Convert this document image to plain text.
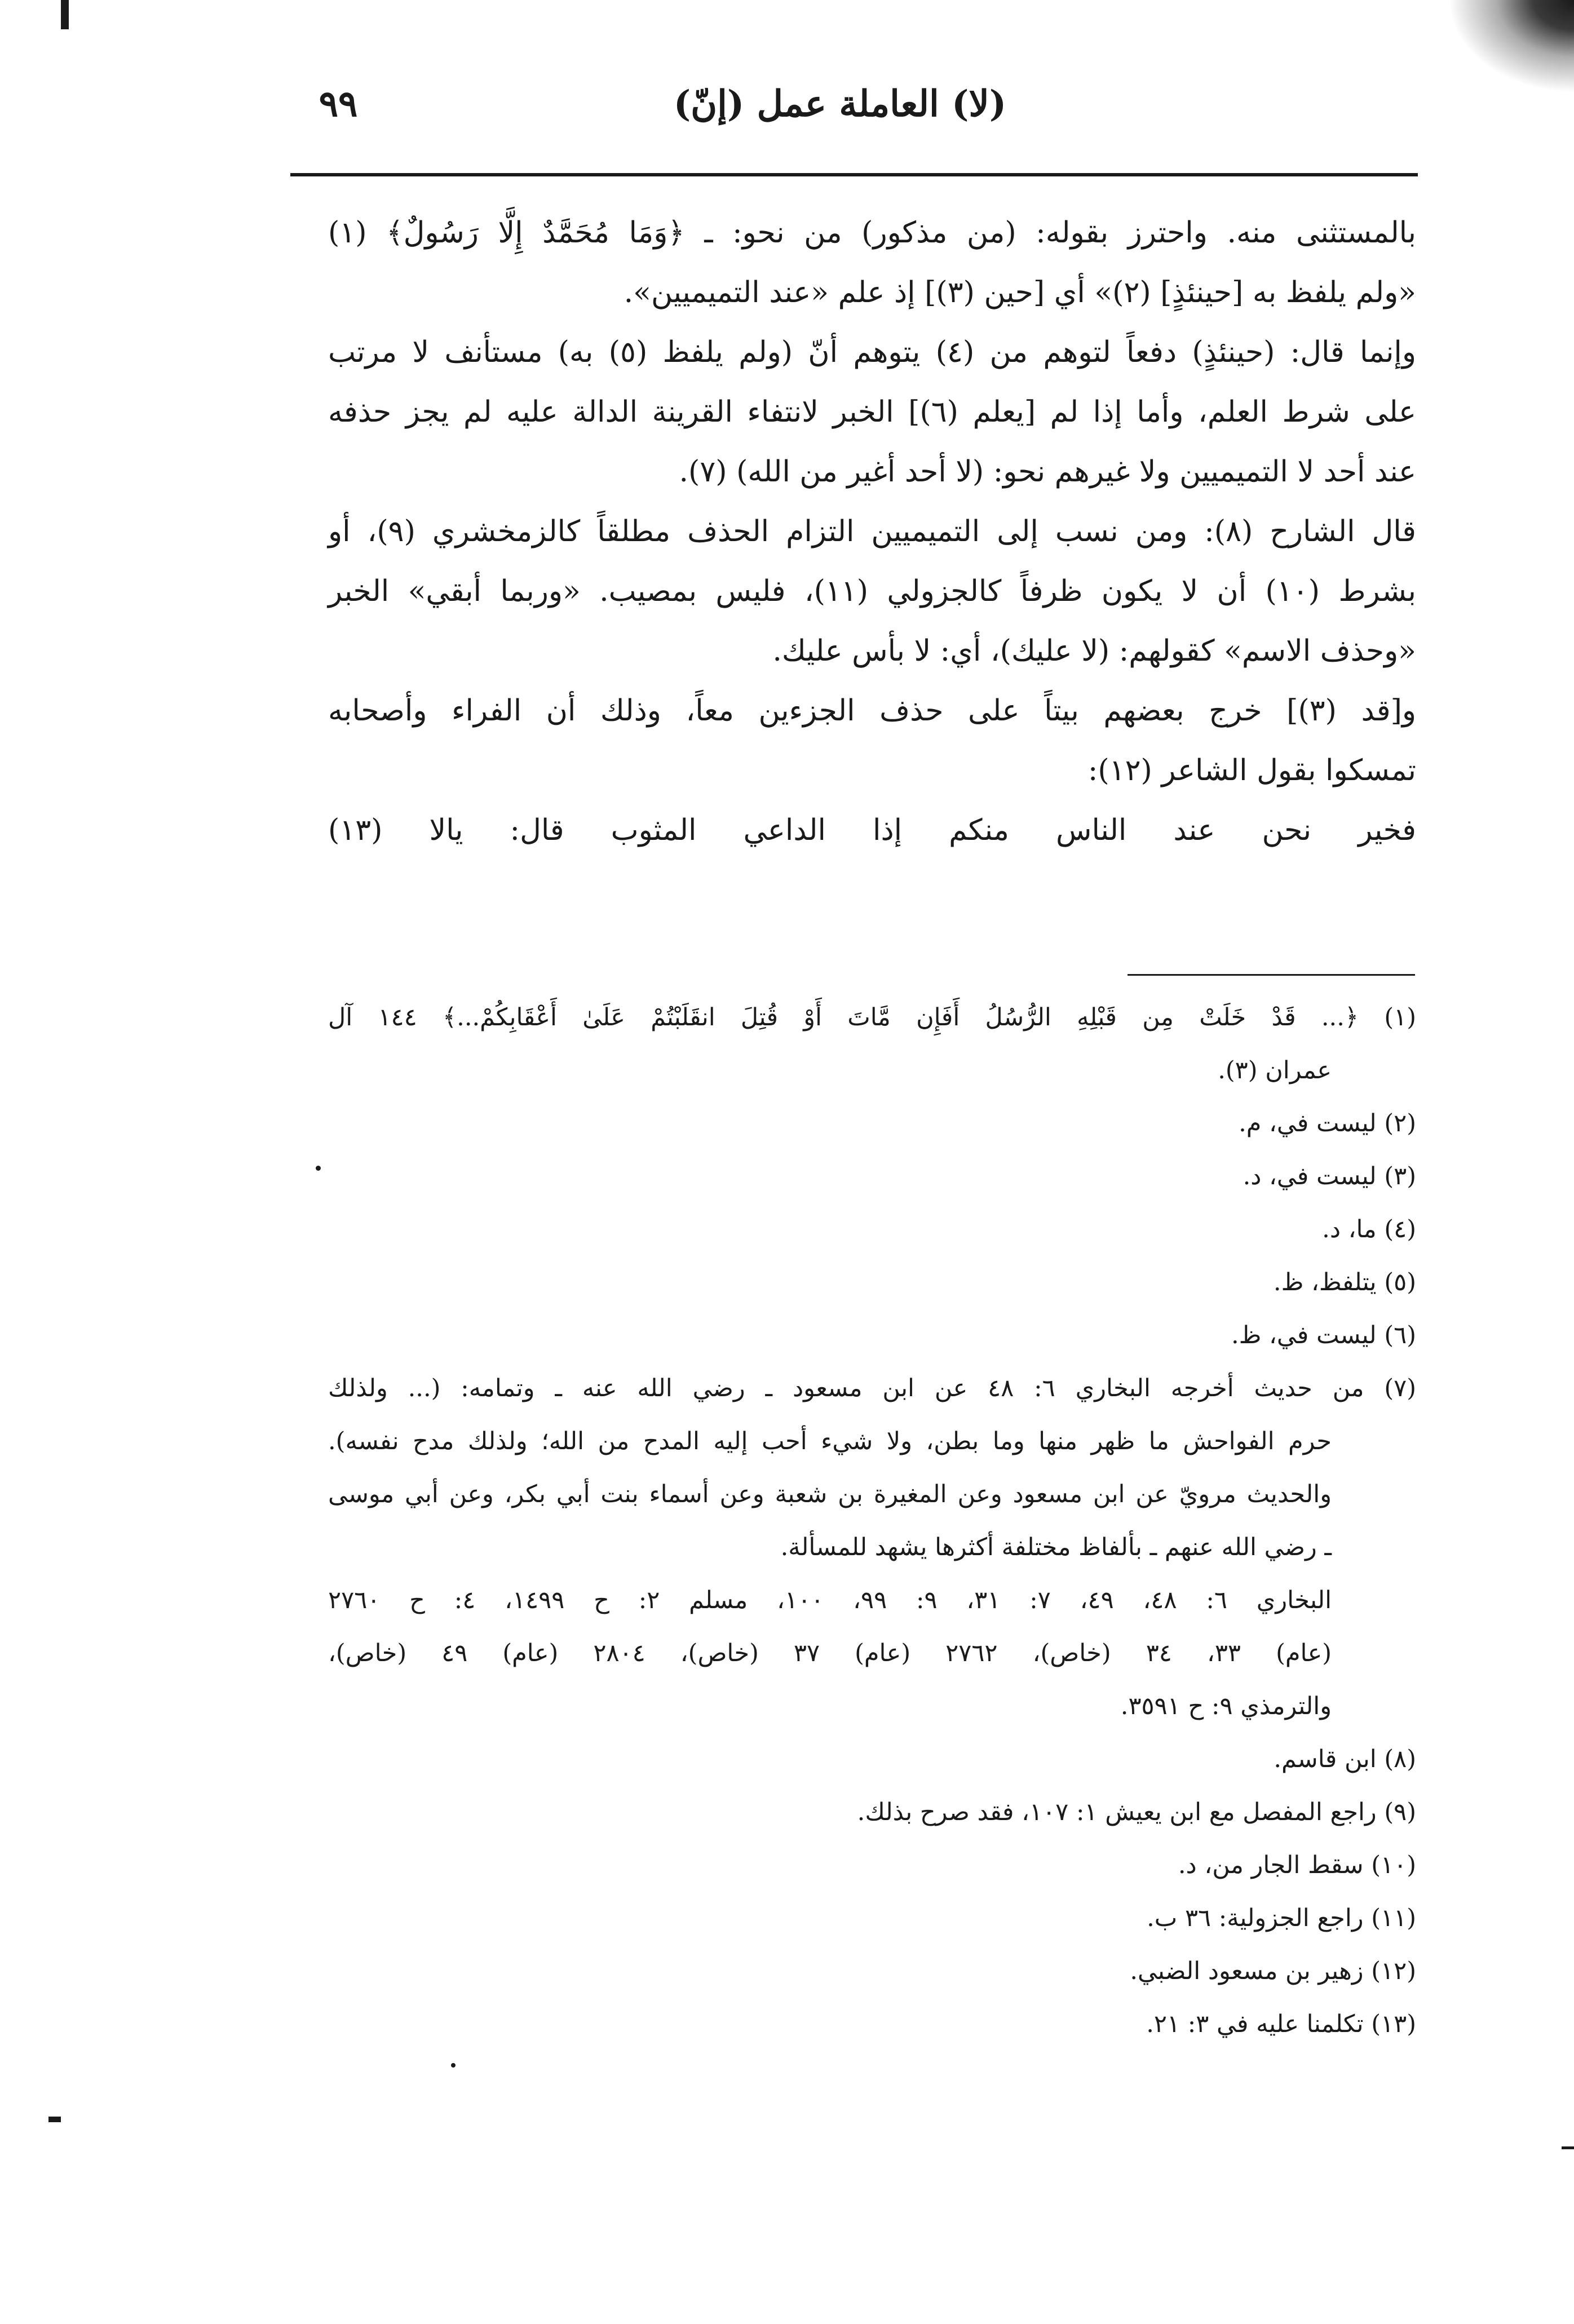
٩٩	(لا) العاملة عمل (إنّ)
بالمستثنى منه. واحترز بقوله: (من مذكور) من نحو: ـ ﴿وَمَا مُحَمَّدٌ إِلَّا رَسُولٌ﴾ (١)
«ولم يلفظ به [حينئذٍ] (٢)» أي [حين (٣)] إذ علم «عند التميميين».
وإنما قال: (حينئذٍ) دفعاً لتوهم من (٤) يتوهم أنّ (ولم يلفظ (٥) به) مستأنف لا مرتب
على شرط العلم، وأما إذا لم [يعلم (٦)] الخبر لانتفاء القرينة الدالة عليه لم يجز حذفه
عند أحد لا التميميين ولا غيرهم نحو: (لا أحد أغير من الله) (٧).
قال الشارح (٨): ومن نسب إلى التميميين التزام الحذف مطلقاً كالزمخشري (٩)، أو
بشرط (١٠) أن لا يكون ظرفاً كالجزولي (١١)، فليس بمصيب. «وربما أبقي» الخبر
«وحذف الاسم» كقولهم: (لا عليك)، أي: لا بأس عليك.
و[قد (٣)] خرج بعضهم بيتاً على حذف الجزءين معاً، وذلك أن الفراء وأصحابه
تمسكوا بقول الشاعر (١٢):
فخير نحن عند الناس منكم إذا الداعي المثوب قال: يالا (١٣)
(١) ﴿... قَدْ خَلَتْ مِن قَبْلِهِ الرُّسُلُ أَفَإِن مَّاتَ أَوْ قُتِلَ انقَلَبْتُمْ عَلَىٰ أَعْقَابِكُمْ...﴾ ١٤٤ آل
عمران (٣).
(٢) ليست في، م.
(٣) ليست في، د.
(٤) ما، د.
(٥) يتلفظ، ظ.
(٦) ليست في، ظ.
(٧) من حديث أخرجه البخاري ٦: ٤٨ عن ابن مسعود ـ رضي الله عنه ـ وتمامه: (... ولذلك
حرم الفواحش ما ظهر منها وما بطن، ولا شيء أحب إليه المدح من الله؛ ولذلك مدح نفسه).
والحديث مرويّ عن ابن مسعود وعن المغيرة بن شعبة وعن أسماء بنت أبي بكر، وعن أبي موسى
ـ رضي الله عنهم ـ بألفاظ مختلفة أكثرها يشهد للمسألة.
البخاري ٦: ٤٨، ٤٩، ٧: ٣١، ٩: ٩٩، ١٠٠، مسلم ٢: ح ١٤٩٩، ٤: ح ٢٧٦٠
(عام) ٣٣، ٣٤ (خاص)، ٢٧٦٢ (عام) ٣٧ (خاص)، ٢٨٠٤ (عام) ٤٩ (خاص)،
والترمذي ٩: ح ٣٥٩١.
(٨) ابن قاسم.
(٩) راجع المفصل مع ابن يعيش ١: ١٠٧، فقد صرح بذلك.
(١٠) سقط الجار من، د.
(١١) راجع الجزولية: ٣٦ ب.
(١٢) زهير بن مسعود الضبي.
(١٣) تكلمنا عليه في ٣: ٢١.
